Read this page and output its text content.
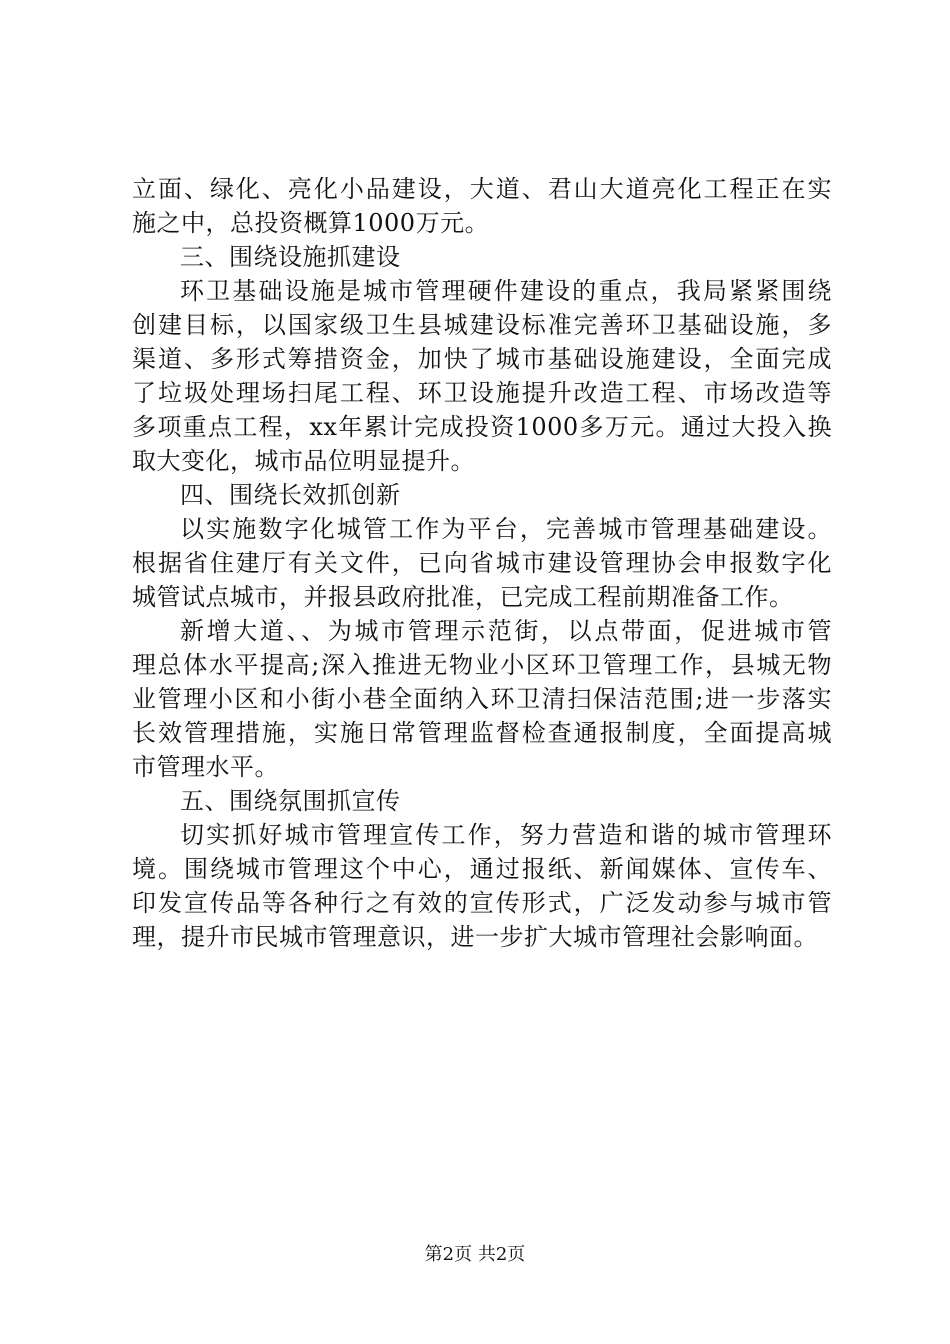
立面、绿化、亮化小品建设，大道、君山大道亮化工程正在实
施之中，总投资概算1000万元。
三、围绕设施抓建设
环卫基础设施是城市管理硬件建设的重点，我局紧紧围绕
创建目标，以国家级卫生县城建设标准完善环卫基础设施，多
渠道、多形式筹措资金，加快了城市基础设施建设，全面完成
了垃圾处理场扫尾工程、环卫设施提升改造工程、市场改造等
多项重点工程，xx年累计完成投资1000多万元。通过大投入换
取大变化，城市品位明显提升。
四、围绕长效抓创新
以实施数字化城管工作为平台，完善城市管理基础建设。
根据省住建厅有关文件，已向省城市建设管理协会申报数字化
城管试点城市，并报县政府批准，已完成工程前期准备工作。
新增大道、、为城市管理示范街，以点带面，促进城市管
理总体水平提高;深入推进无物业小区环卫管理工作，县城无物
业管理小区和小街小巷全面纳入环卫清扫保洁范围;进一步落实
长效管理措施，实施日常管理监督检查通报制度，全面提高城
市管理水平。
五、围绕氛围抓宣传
切实抓好城市管理宣传工作，努力营造和谐的城市管理环
境。围绕城市管理这个中心，通过报纸、新闻媒体、宣传车、
印发宣传品等各种行之有效的宣传形式，广泛发动参与城市管
理，提升市民城市管理意识，进一步扩大城市管理社会影响面。
第2页 共2页
